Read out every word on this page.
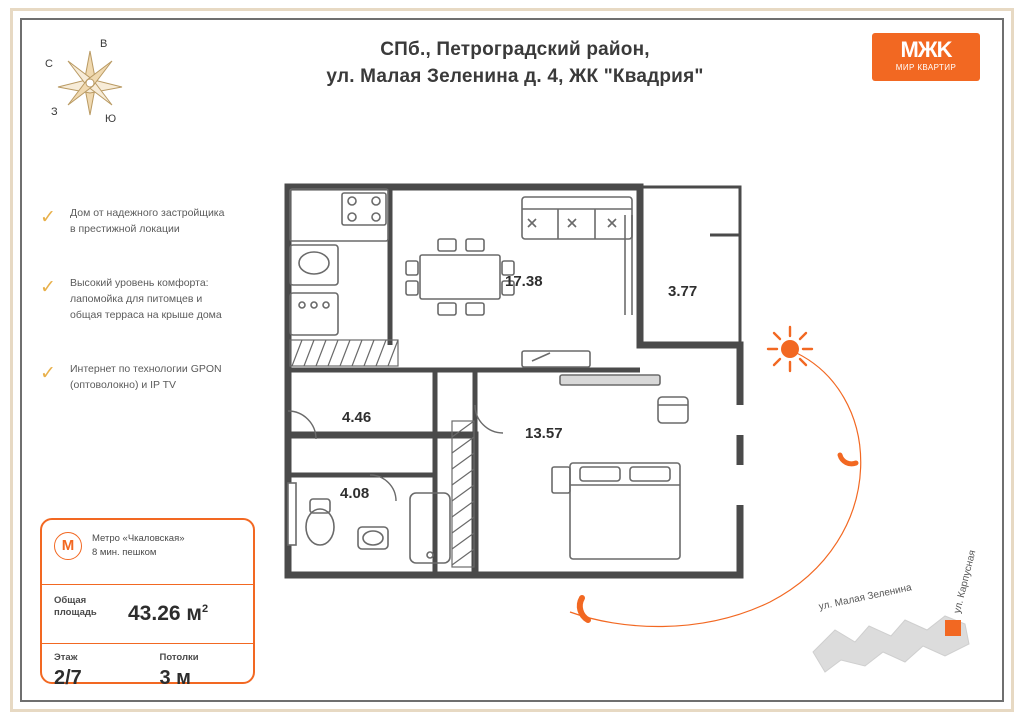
СПб., Петроградский район,
ул. Малая Зеленина д. 4, ЖК "Квадрия"
MЖK
МИР КВАРТИР
В
С
Ю
З
✓ Дом от надежного застройщика
в престижной локации
✓ Высокий уровень комфорта:
лапомойка для питомцев и
общая терраса на крыше дома
✓ Интернет по технологии GPON
(оптоволокно) и IP TV
M	Метро «Чкаловская»
8 мин. пешком
Общая
площадь	43.26 $м^2$
Этаж
2/7
Потолки
3 м
17.38
3.77
13.57
4.46
4.08
ул. Малая Зеленина	ул. Карпусная
